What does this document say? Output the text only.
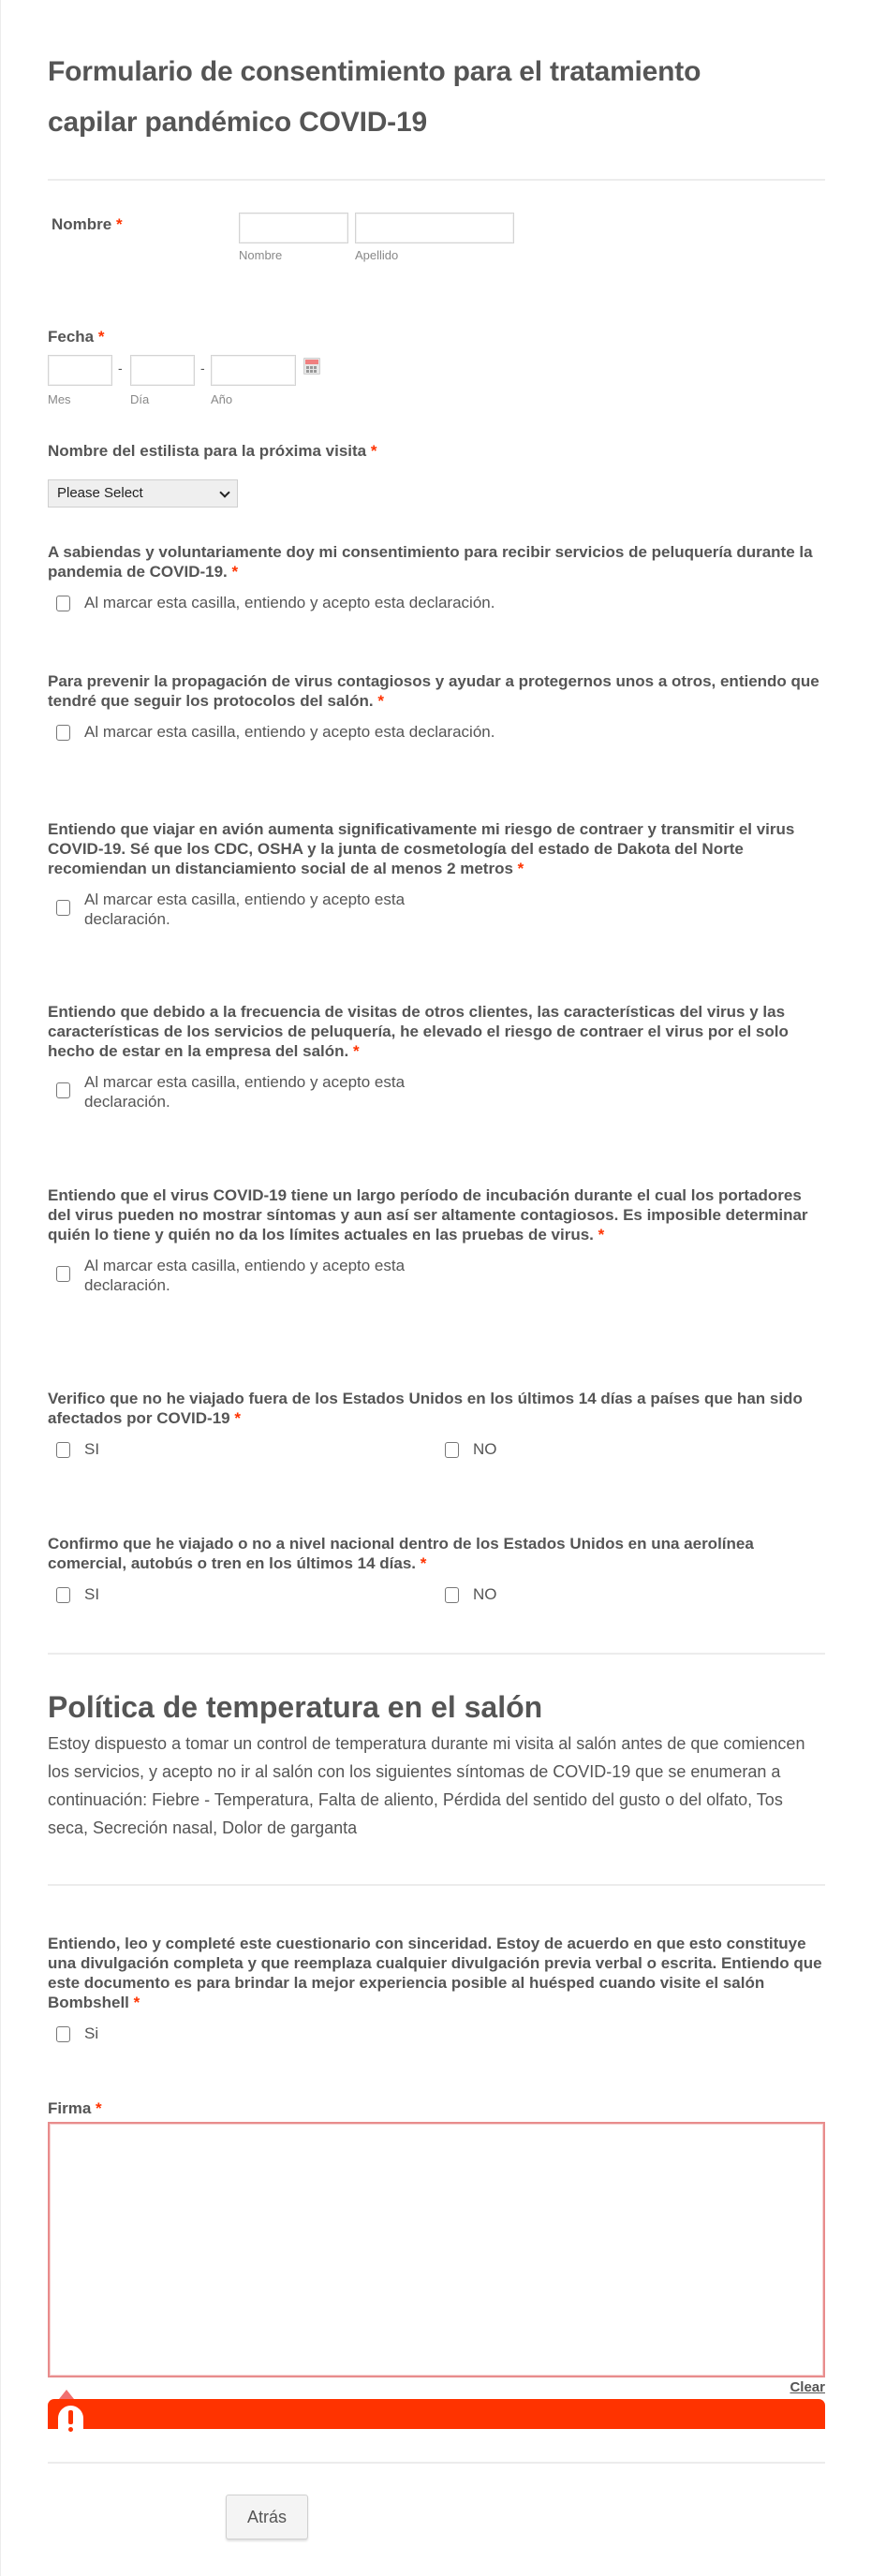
Formulario de consentimiento para el tratamiento
capilar pandémico COVID-19
Nombre *
Nombre	Apellido
Fecha *
-	-
Mes	Día	Año
Nombre del estilista para la próxima visita *
Please Select
A sabiendas y voluntariamente doy mi consentimiento para recibir servicios de peluquería durante la pandemia de COVID-19. *
Al marcar esta casilla, entiendo y acepto esta declaración.
Para prevenir la propagación de virus contagiosos y ayudar a protegernos unos a otros, entiendo que tendré que seguir los protocolos del salón. *
Al marcar esta casilla, entiendo y acepto esta declaración.
Entiendo que viajar en avión aumenta significativamente mi riesgo de contraer y transmitir el virus COVID-19. Sé que los CDC, OSHA y la junta de cosmetología del estado de Dakota del Norte recomiendan un distanciamiento social de al menos 2 metros *
Al marcar esta casilla, entiendo y acepto esta declaración.
Entiendo que debido a la frecuencia de visitas de otros clientes, las características del virus y las características de los servicios de peluquería, he elevado el riesgo de contraer el virus por el solo hecho de estar en la empresa del salón. *
Al marcar esta casilla, entiendo y acepto esta declaración.
Entiendo que el virus COVID-19 tiene un largo período de incubación durante el cual los portadores del virus pueden no mostrar síntomas y aun así ser altamente contagiosos. Es imposible determinar quién lo tiene y quién no da los límites actuales en las pruebas de virus. *
Al marcar esta casilla, entiendo y acepto esta declaración.
Verifico que no he viajado fuera de los Estados Unidos en los últimos 14 días a países que han sido afectados por COVID-19 *
SI	NO
Confirmo que he viajado o no a nivel nacional dentro de los Estados Unidos en una aerolínea comercial, autobús o tren en los últimos 14 días. *
SI	NO
Política de temperatura en el salón
Estoy dispuesto a tomar un control de temperatura durante mi visita al salón antes de que comiencen los servicios, y acepto no ir al salón con los siguientes síntomas de COVID-19 que se enumeran a continuación: Fiebre - Temperatura, Falta de aliento, Pérdida del sentido del gusto o del olfato, Tos seca, Secreción nasal, Dolor de garganta
Entiendo, leo y completé este cuestionario con sinceridad. Estoy de acuerdo en que esto constituye una divulgación completa y que reemplaza cualquier divulgación previa verbal o escrita. Entiendo que este documento es para brindar la mejor experiencia posible al huésped cuando visite el salón Bombshell *
Si
Firma *
Clear
Atrás
